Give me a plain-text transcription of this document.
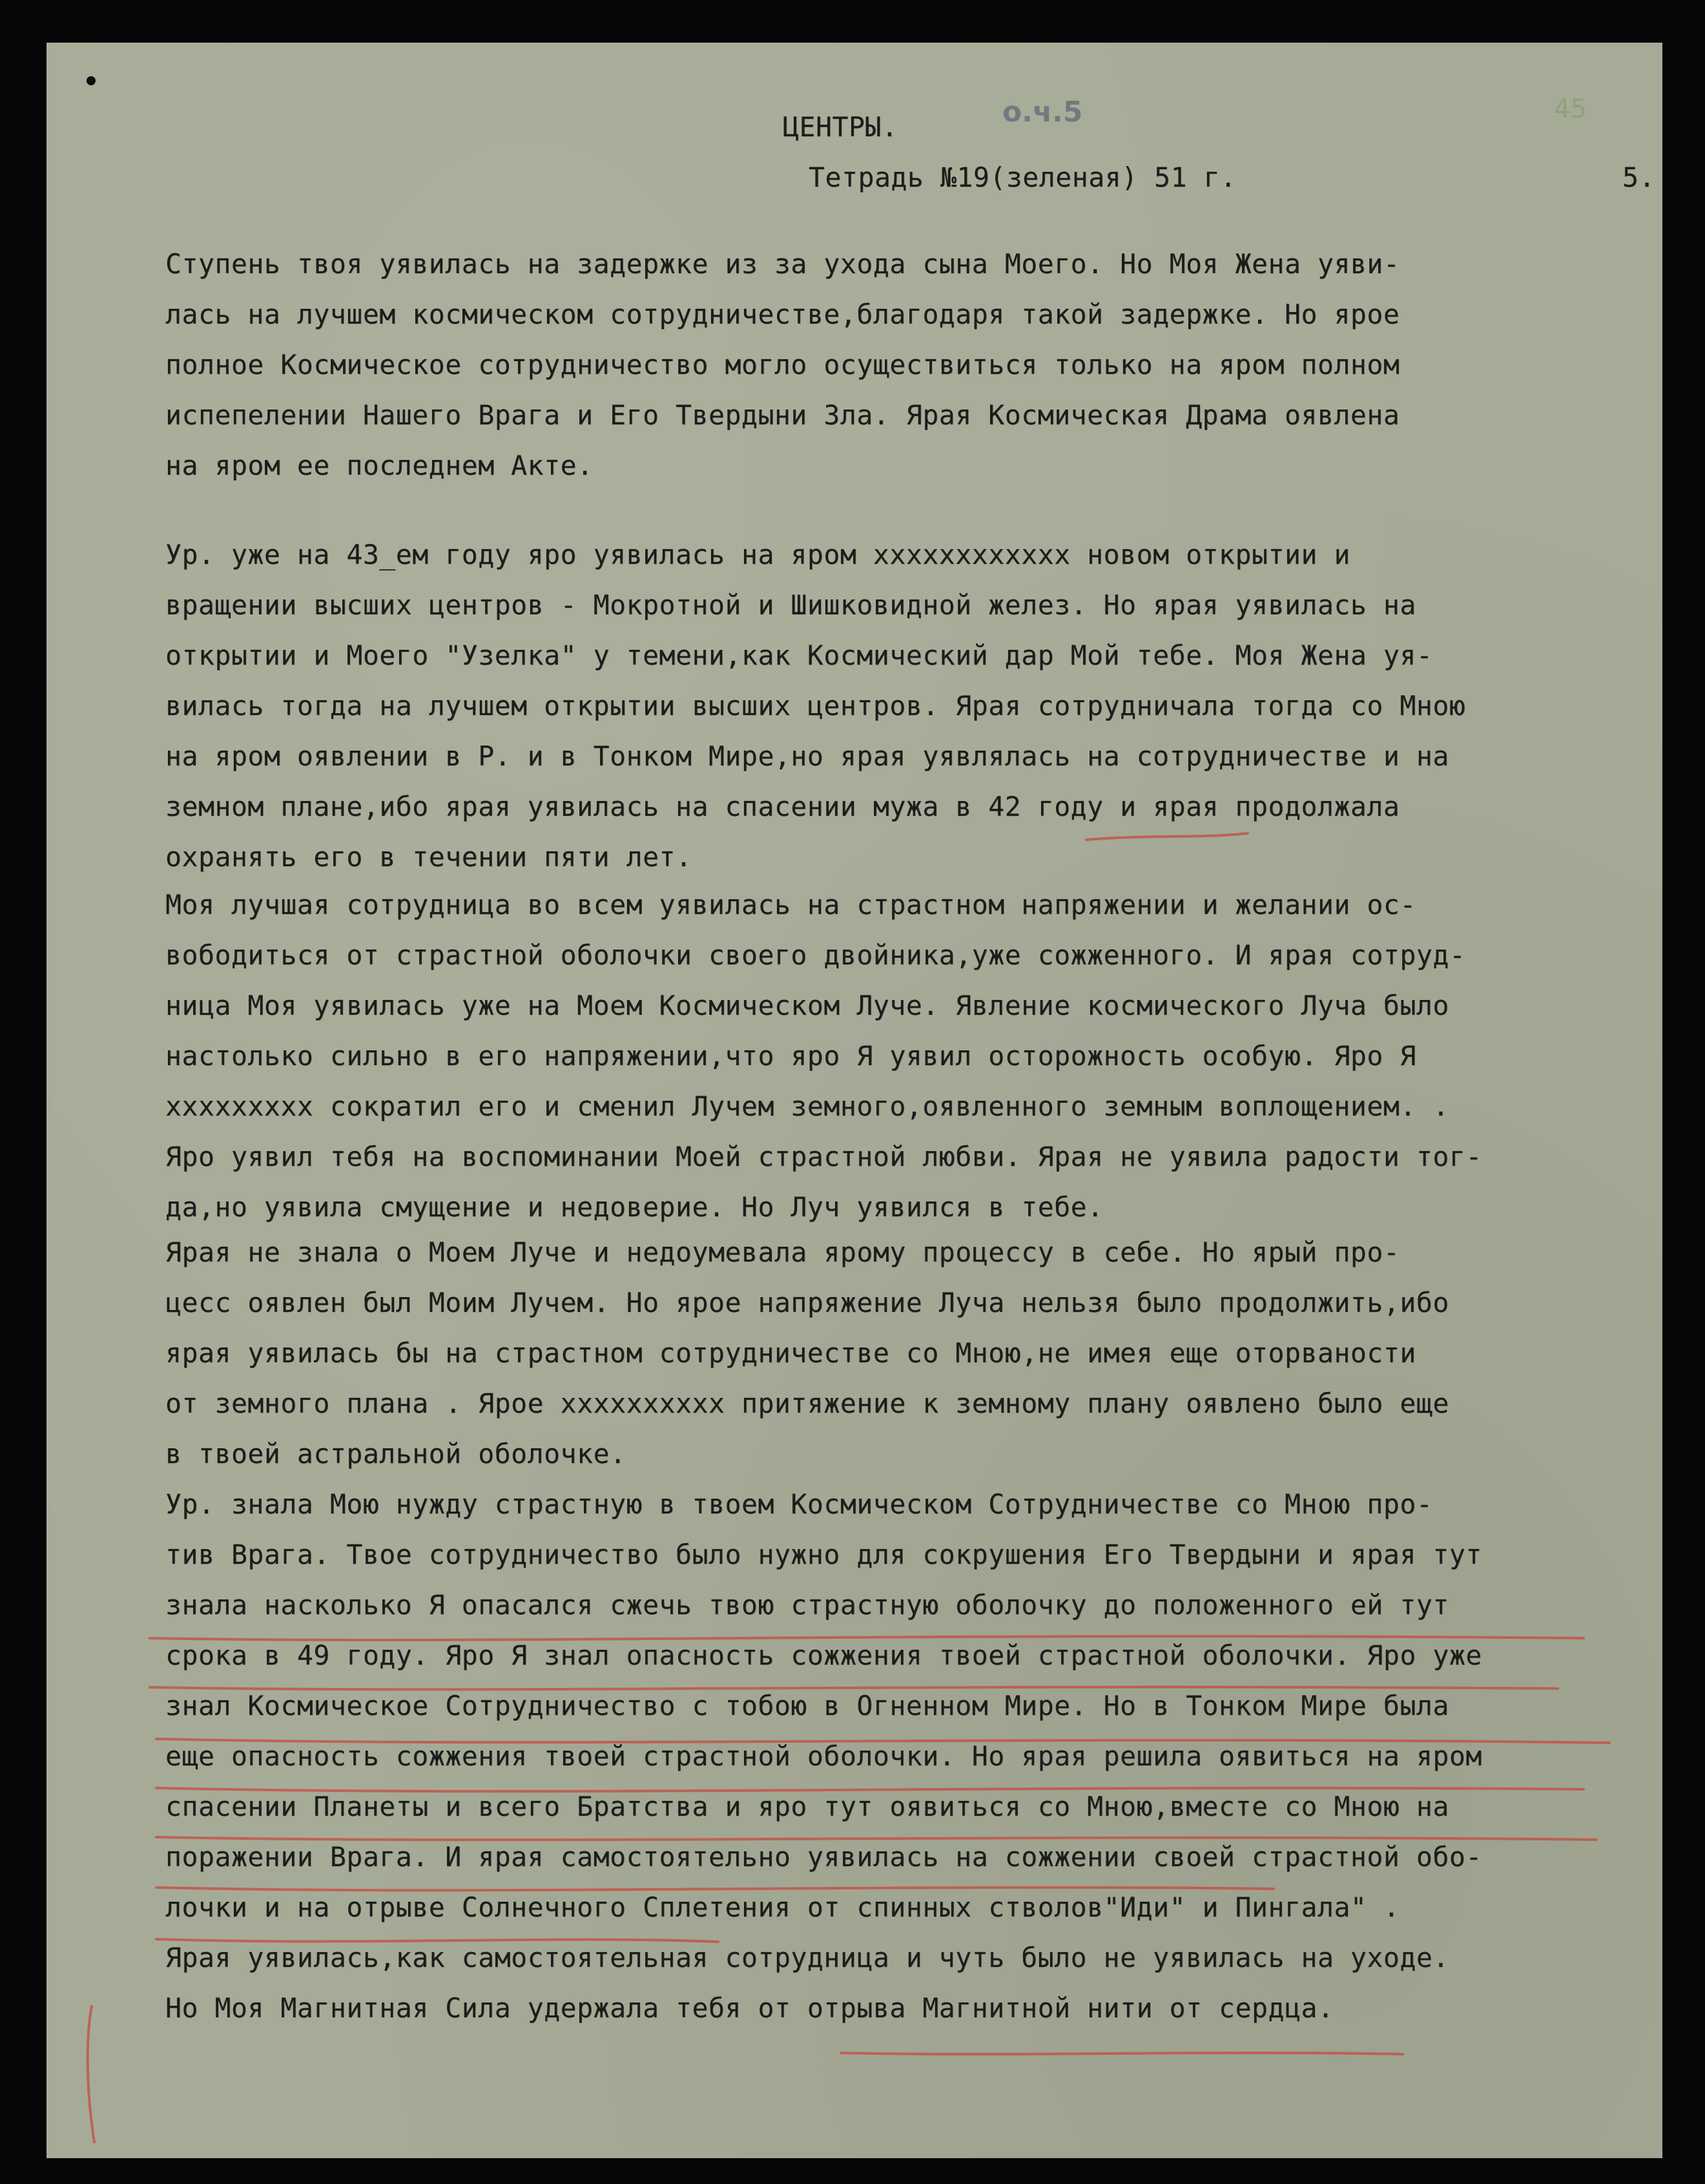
о.ч.5	45
ЦЕНТРЫ.
Тетрадь №19(зеленая) 51 г.	5.
Ступень твоя уявилась на задержке из за ухода сына Моего. Но Моя Жена уяви-
лась на лучшем космическом сотрудничестве,благодаря такой задержке. Но ярое
полное Космическое сотрудничество могло осуществиться только на яром полном
испепелении Нашего Врага и Его Твердыни Зла. Ярая Космическая Драма оявлена
на яром ее последнем Акте.
Ур. уже на 43_ем году яро уявилась на яром xxxxxxxxxxxx новом открытии и
вращении высших центров - Мокротной и Шишковидной желез. Но ярая уявилась на
открытии и Моего "Узелка" у темени,как Космический дар Мой тебе. Моя Жена уя-
вилась тогда на лучшем открытии высших центров. Ярая сотрудничала тогда со Мною
на яром оявлении в Р. и в Тонком Мире,но ярая уявлялась на сотрудничестве и на
земном плане,ибо ярая уявилась на спасении мужа в 42 году и ярая продолжала
охранять его в течении пяти лет.
Моя лучшая сотрудница во всем уявилась на страстном напряжении и желании ос-
вободиться от страстной оболочки своего двойника,уже сожженного. И ярая сотруд-
ница Моя уявилась уже на Моем Космическом Луче. Явление космического Луча было
настолько сильно в его напряжении,что яро Я уявил осторожность особую. Яро Я
xxxxxxxxx сократил его и сменил Лучем земного,оявленного земным воплощением. .
Яро уявил тебя на воспоминании Моей страстной любви. Ярая не уявила радости тог-
да,но уявила смущение и недоверие. Но Луч уявился в тебе.
Ярая не знала о Моем Луче и недоумевала ярому процессу в себе. Но ярый про-
цесс оявлен был Моим Лучем. Но ярое напряжение Луча нельзя было продолжить,ибо
ярая уявилась бы на страстном сотрудничестве со Мною,не имея еще оторваности
от земного плана . Ярое xxxxxxxxxx притяжение к земному плану оявлено было еще
в твоей астральной оболочке.
Ур. знала Мою нужду страстную в твоем Космическом Сотрудничестве со Мною про-
тив Врага. Твое сотрудничество было нужно для сокрушения Его Твердыни и ярая тут
знала насколько Я опасался сжечь твою страстную оболочку до положенного ей тут
срока в 49 году. Яро Я знал опасность сожжения твоей страстной оболочки. Яро уже
знал Космическое Сотрудничество с тобою в Огненном Мире. Но в Тонком Мире была
еще опасность сожжения твоей страстной оболочки. Но ярая решила оявиться на яром
спасении Планеты и всего Братства и яро тут оявиться со Мною,вместе со Мною на
поражении Врага. И ярая самостоятельно уявилась на сожжении своей страстной обо-
лочки и на отрыве Солнечного Сплетения от спинных стволов"Иди" и Пингала" .
Ярая уявилась,как самостоятельная сотрудница и чуть было не уявилась на уходе.
Но Моя Магнитная Сила удержала тебя от отрыва Магнитной нити от сердца.
